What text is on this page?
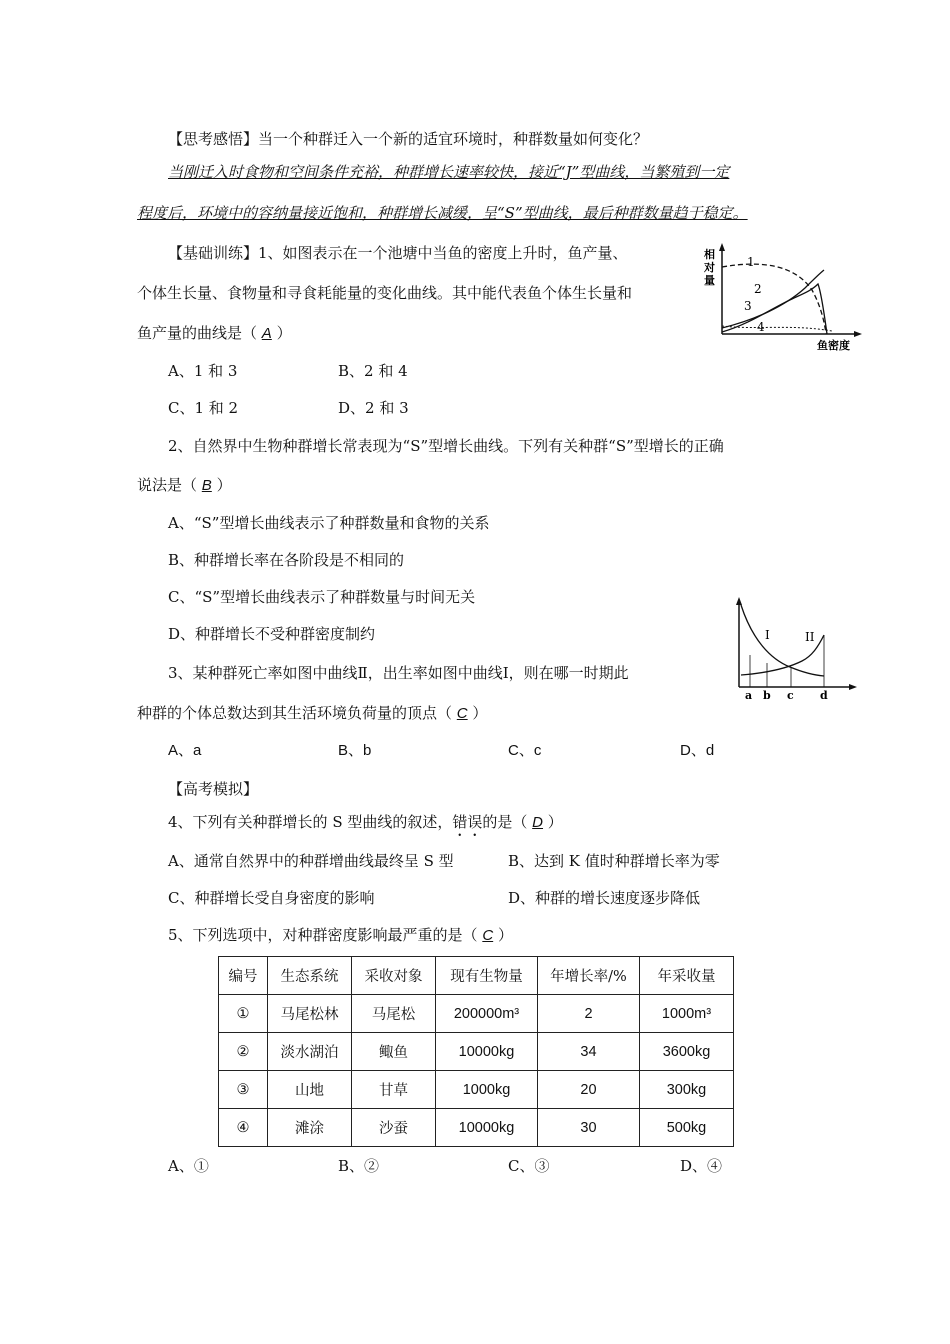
【思考感悟】当一个种群迁入一个新的适宜环境时，种群数量如何变化？
当刚迁入时食物和空间条件充裕，种群增长速率较快，接近“J”型曲线，当繁殖到一定
程度后，环境中的容纳量接近饱和，种群增长减缓，呈“S”型曲线，最后种群数量趋于稳定。
【基础训练】1、如图表示在一个池塘中当鱼的密度上升时，鱼产量、
个体生长量、食物量和寻食耗能量的变化曲线。其中能代表鱼个体生长量和
鱼产量的曲线是（ A ）
A、1 和 3	B、2 和 4
C、1 和 2	D、2 和 3
相
对
量
鱼密度
1
2
3
4
2、自然界中生物种群增长常表现为“S”型增长曲线。下列有关种群“S”型增长的正确
说法是（ B ）
A、“S”型增长曲线表示了种群数量和食物的关系
B、种群增长率在各阶段是不相同的
C、“S”型增长曲线表示了种群数量与时间无关
D、种群增长不受种群密度制约
3、某种群死亡率如图中曲线Ⅱ，出生率如图中曲线Ⅰ，则在哪一时期此
种群的个体总数达到其生活环境负荷量的顶点（ C ）
A、a	B、b	C、c	D、d
I	II
a b c d
【高考模拟】
4、下列有关种群增长的 S 型曲线的叙述，错误的是（ D ）
A、通常自然界中的种群增曲线最终呈 S 型	B、达到 K 值时种群增长率为零
C、种群增长受自身密度的影响	D、种群的增长速度逐步降低
5、下列选项中，对种群密度影响最严重的是（ C ）
编号	生态系统	采收对象	现有生物量	年增长率/%	年采收量
①	马尾松林	马尾松	200000m³	2	1000m³
②	淡水湖泊	鲰鱼	10000kg	34	3600kg
③	山地	甘草	1000kg	20	300kg
④	滩涂	沙蚕	10000kg	30	500kg
A、①	B、②	C、③	D、④
